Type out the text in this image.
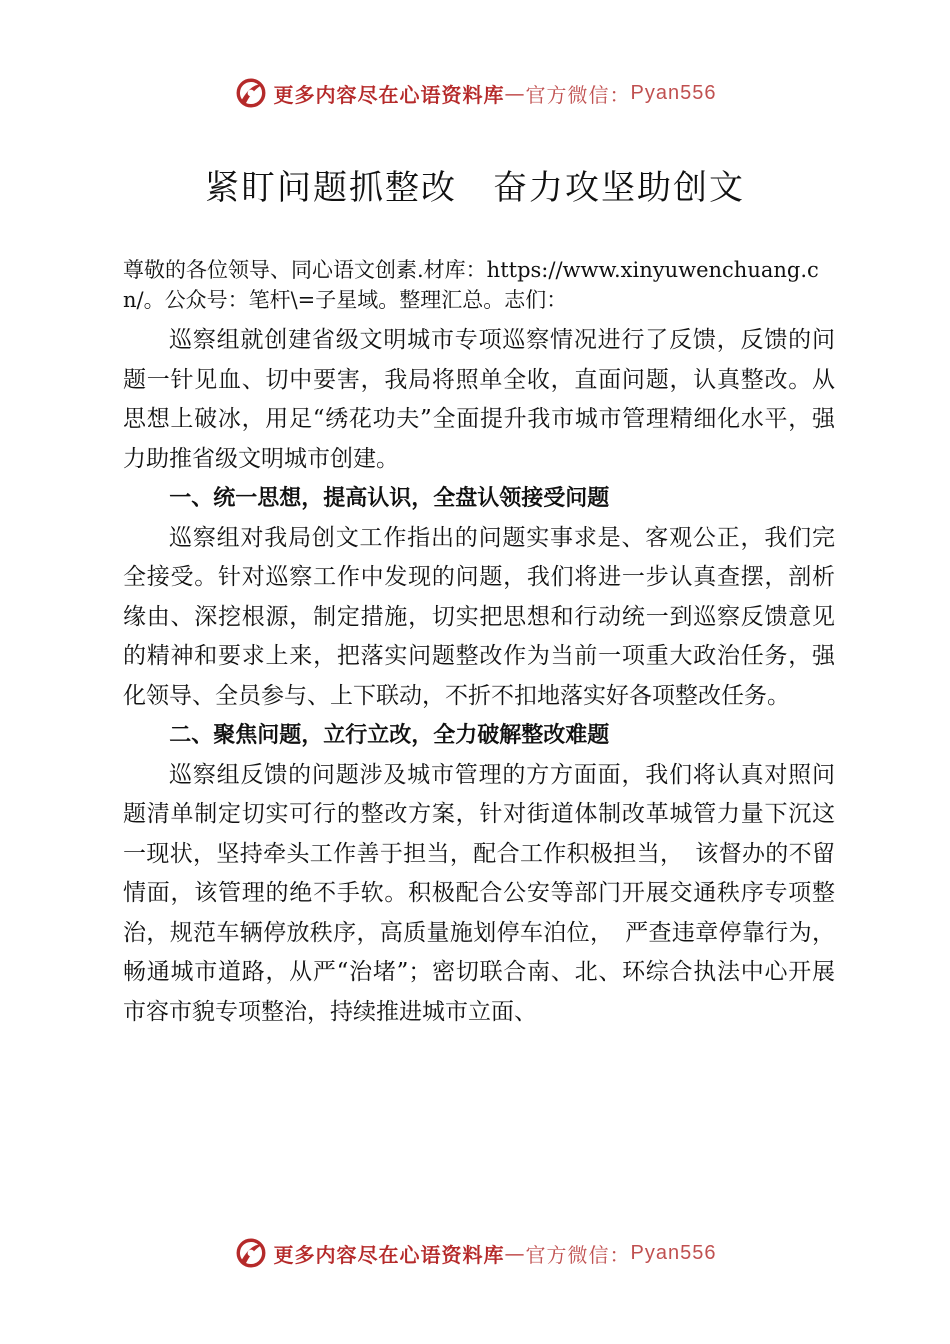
更多内容尽在心语资料库 — 官方微信： Pyan556
紧盯问题抓整改　奋力攻坚助创文

尊敬的各位领导、同心语文创素.材库：https://www.xinyuwenchuang.cn/。公众号：笔杆\=子星域。整理汇总。志们：

巡察组就创建省级文明城市专项巡察情况进行了反馈，反馈的问题一针见血、切中要害，我局将照单全收，直面问题，认真整改。从思想上破冰，用足“绣花功夫”全面提升我市城市管理精细化水平，强力助推省级文明城市创建。

一、统一思想，提高认识，全盘认领接受问题

巡察组对我局创文工作指出的问题实事求是、客观公正，我们完全接受。针对巡察工作中发现的问题，我们将进一步认真查摆，剖析缘由、深挖根源，制定措施，切实把思想和行动统一到巡察反馈意见的精神和要求上来，把落实问题整改作为当前一项重大政治任务，强化领导、全员参与、上下联动，不折不扣地落实好各项整改任务。

二、聚焦问题，立行立改，全力破解整改难题

巡察组反馈的问题涉及城市管理的方方面面，我们将认真对照问题清单制定切实可行的整改方案，针对街道体制改革城管力量下沉这一现状，坚持牵头工作善于担当，配合工作积极担当，　该督办的不留情面，该管理的绝不手软。积极配合公安等部门开展交通秩序专项整治，规范车辆停放秩序，高质量施划停车泊位，　严查违章停靠行为，畅通城市道路，从严“治堵”；密切联合南、北、环综合执法中心开展市容市貌专项整治，持续推进城市立面、

更多内容尽在心语资料库 — 官方微信： Pyan556
